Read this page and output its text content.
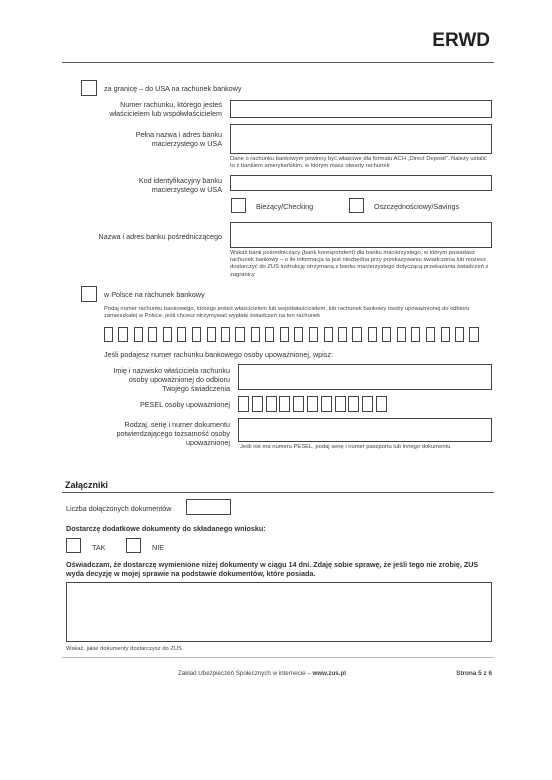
ERWD
za granicę – do USA na rachunek bankowy
Numer rachunku, którego jesteś właścicielem lub współwłaścicielem
Pełna nazwa i adres banku macierzystego w USA
Dane o rachunku bankowym powinny być właściwe dla formatu ACH „Direct Deposit”. Należy ustalić to z bankiem amerykańskim, w którym masz otwarty rachunek
Kod identyfikacyjny banku macierzystego w USA
Bieżący/Checking	Oszczędnościowy/Savings
Nazwa i adres banku pośredniczącego
Wskaż bank pośredniczący (bank korespondent) dla banku macierzystego, w którym posiadasz rachunek bankowy – o ile informacja ta jest niezbędna przy przekazywaniu świadczenia lub możesz dostarczyć do ZUS instrukcję otrzymaną z banku macierzystego dotyczącą przekazania świadczeń z zagranicy
w Polsce na rachunek bankowy
Podaj numer rachunku bankowego, którego jesteś właścicielem lub współwłaścicielem, lub rachunek bankowy osoby upoważnionej do odbioru zamieszkałej w Polsce, jeśli chcesz otrzymywać wypłatę świadczeń na ten rachunek
Jeśli podajesz numer rachunku bankowego osoby upoważnionej, wpisz:
Imię i nazwisko właściciela rachunku osoby upoważnionej do odbioru Twojego świadczenia
PESEL osoby upoważnionej
Rodzaj, serię i numer dokumentu potwierdzającego tożsamość osoby upoważnionej Jeśli nie ma numeru PESEL, podaj serię i numer paszportu lub innego dokumentu
Załączniki
Liczba dołączonych dokumentów
Dostarczę dodatkowe dokumenty do składanego wniosku:
TAK	NIE
Oświadczam, że dostarczę wymienione niżej dokumenty w ciągu 14 dni. Zdaję sobie sprawę, że jeśli tego nie zrobię, ZUS wyda decyzję w mojej sprawie na podstawie dokumentów, które posiada.
Wskaż, jakie dokumenty dostarczysz do ZUS
Zakład Ubezpieczeń Społecznych w internecie – www.zus.pl	Strona 5 z 6
